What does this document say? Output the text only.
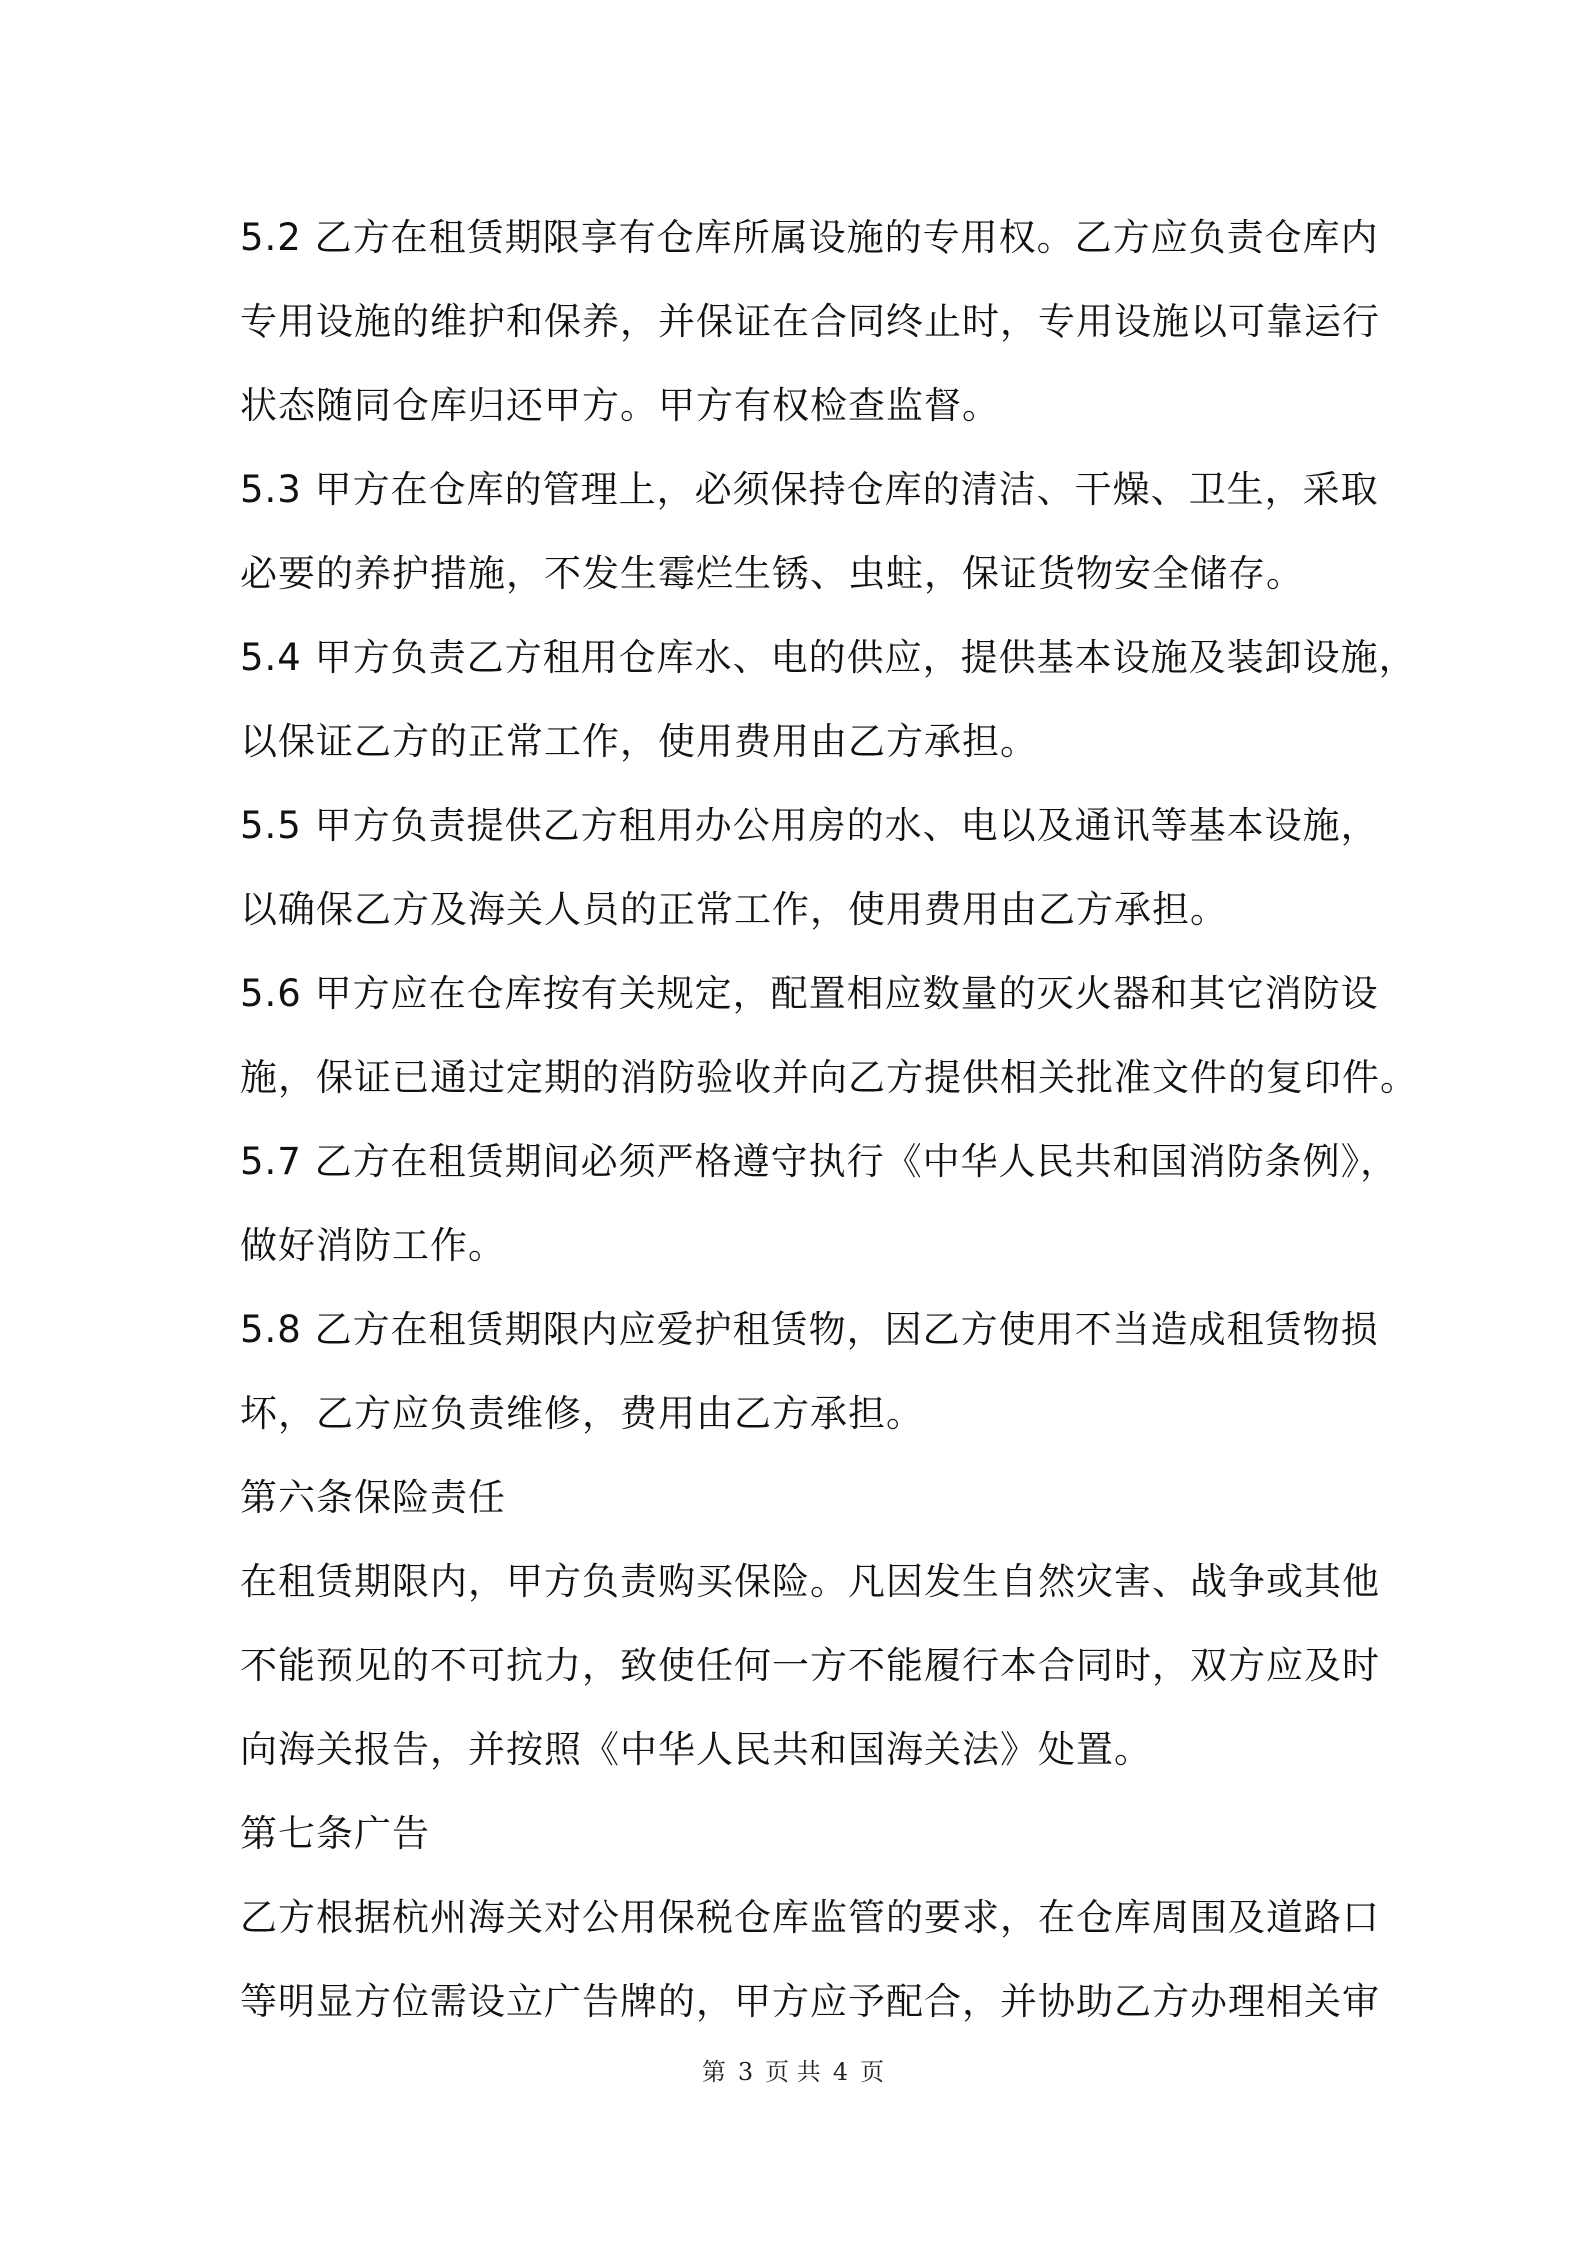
5.2 乙方在租赁期限享有仓库所属设施的专用权。乙方应负责仓库内
专用设施的维护和保养，并保证在合同终止时，专用设施以可靠运行
状态随同仓库归还甲方。甲方有权检查监督。
5.3 甲方在仓库的管理上，必须保持仓库的清洁、干燥、卫生，采取
必要的养护措施，不发生霉烂生锈、虫蛀，保证货物安全储存。
5.4 甲方负责乙方租用仓库水、电的供应，提供基本设施及装卸设施，
以保证乙方的正常工作，使用费用由乙方承担。
5.5 甲方负责提供乙方租用办公用房的水、电以及通讯等基本设施，
以确保乙方及海关人员的正常工作，使用费用由乙方承担。
5.6 甲方应在仓库按有关规定，配置相应数量的灭火器和其它消防设
施，保证已通过定期的消防验收并向乙方提供相关批准文件的复印件。
5.7 乙方在租赁期间必须严格遵守执行《中华人民共和国消防条例》，
做好消防工作。
5.8 乙方在租赁期限内应爱护租赁物，因乙方使用不当造成租赁物损
坏，乙方应负责维修，费用由乙方承担。
第六条保险责任
在租赁期限内，甲方负责购买保险。凡因发生自然灾害、战争或其他
不能预见的不可抗力，致使任何一方不能履行本合同时，双方应及时
向海关报告，并按照《中华人民共和国海关法》处置。
第七条广告
乙方根据杭州海关对公用保税仓库监管的要求，在仓库周围及道路口
等明显方位需设立广告牌的，甲方应予配合，并协助乙方办理相关审
第 3 页 共 4 页
